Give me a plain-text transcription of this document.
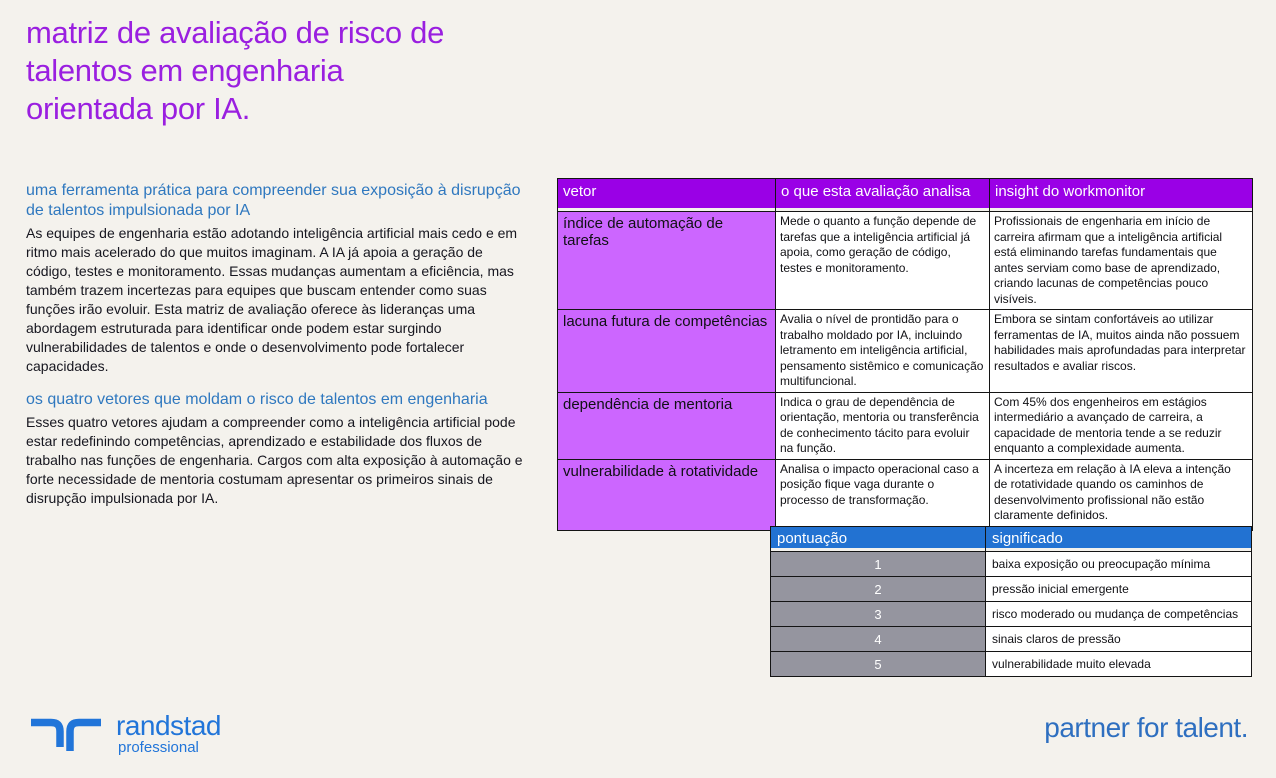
matriz de avaliação de risco de
talentos em engenharia
orientada por IA.
uma ferramenta prática para compreender sua exposição à disrupção de talentos impulsionada por IA

As equipes de engenharia estão adotando inteligência artificial mais cedo e em ritmo mais acelerado do que muitos imaginam. A IA já apoia a geração de código, testes e monitoramento. Essas mudanças aumentam a eficiência, mas também trazem incertezas para equipes que buscam entender como suas funções irão evoluir. Esta matriz de avaliação oferece às lideranças uma abordagem estruturada para identificar onde podem estar surgindo vulnerabilidades de talentos e onde o desenvolvimento pode fortalecer capacidades.

os quatro vetores que moldam o risco de talentos em engenharia

Esses quatro vetores ajudam a compreender como a inteligência artificial pode estar redefinindo competências, aprendizado e estabilidade dos fluxos de trabalho nas funções de engenharia. Cargos com alta exposição à automação e forte necessidade de mentoria costumam apresentar os primeiros sinais de disrupção impulsionada por IA.

vetor	o que esta avaliação analisa	insight do workmonitor
índice de automação de tarefas	Mede o quanto a função depende de tarefas que a inteligência artificial já apoia, como geração de código, testes e monitoramento.	Profissionais de engenharia em início de carreira afirmam que a inteligência artificial está eliminando tarefas fundamentais que antes serviam como base de aprendizado, criando lacunas de competências pouco visíveis.
lacuna futura de competências	Avalia o nível de prontidão para o trabalho moldado por IA, incluindo letramento em inteligência artificial, pensamento sistêmico e comunicação multifuncional.	Embora se sintam confortáveis ao utilizar ferramentas de IA, muitos ainda não possuem habilidades mais aprofundadas para interpretar resultados e avaliar riscos.
dependência de mentoria	Indica o grau de dependência de orientação, mentoria ou transferência de conhecimento tácito para evoluir na função.	Com 45% dos engenheiros em estágios intermediário a avançado de carreira, a capacidade de mentoria tende a se reduzir enquanto a complexidade aumenta.
vulnerabilidade à rotatividade	Analisa o impacto operacional caso a posição fique vaga durante o processo de transformação.	A incerteza em relação à IA eleva a intenção de rotatividade quando os caminhos de desenvolvimento profissional não estão claramente definidos.
pontuação	significado
1	baixa exposição ou preocupação mínima
2	pressão inicial emergente
3	risco moderado ou mudança de competências
4	sinais claros de pressão
5	vulnerabilidade muito elevada
randstad
professional
partner for talent.
